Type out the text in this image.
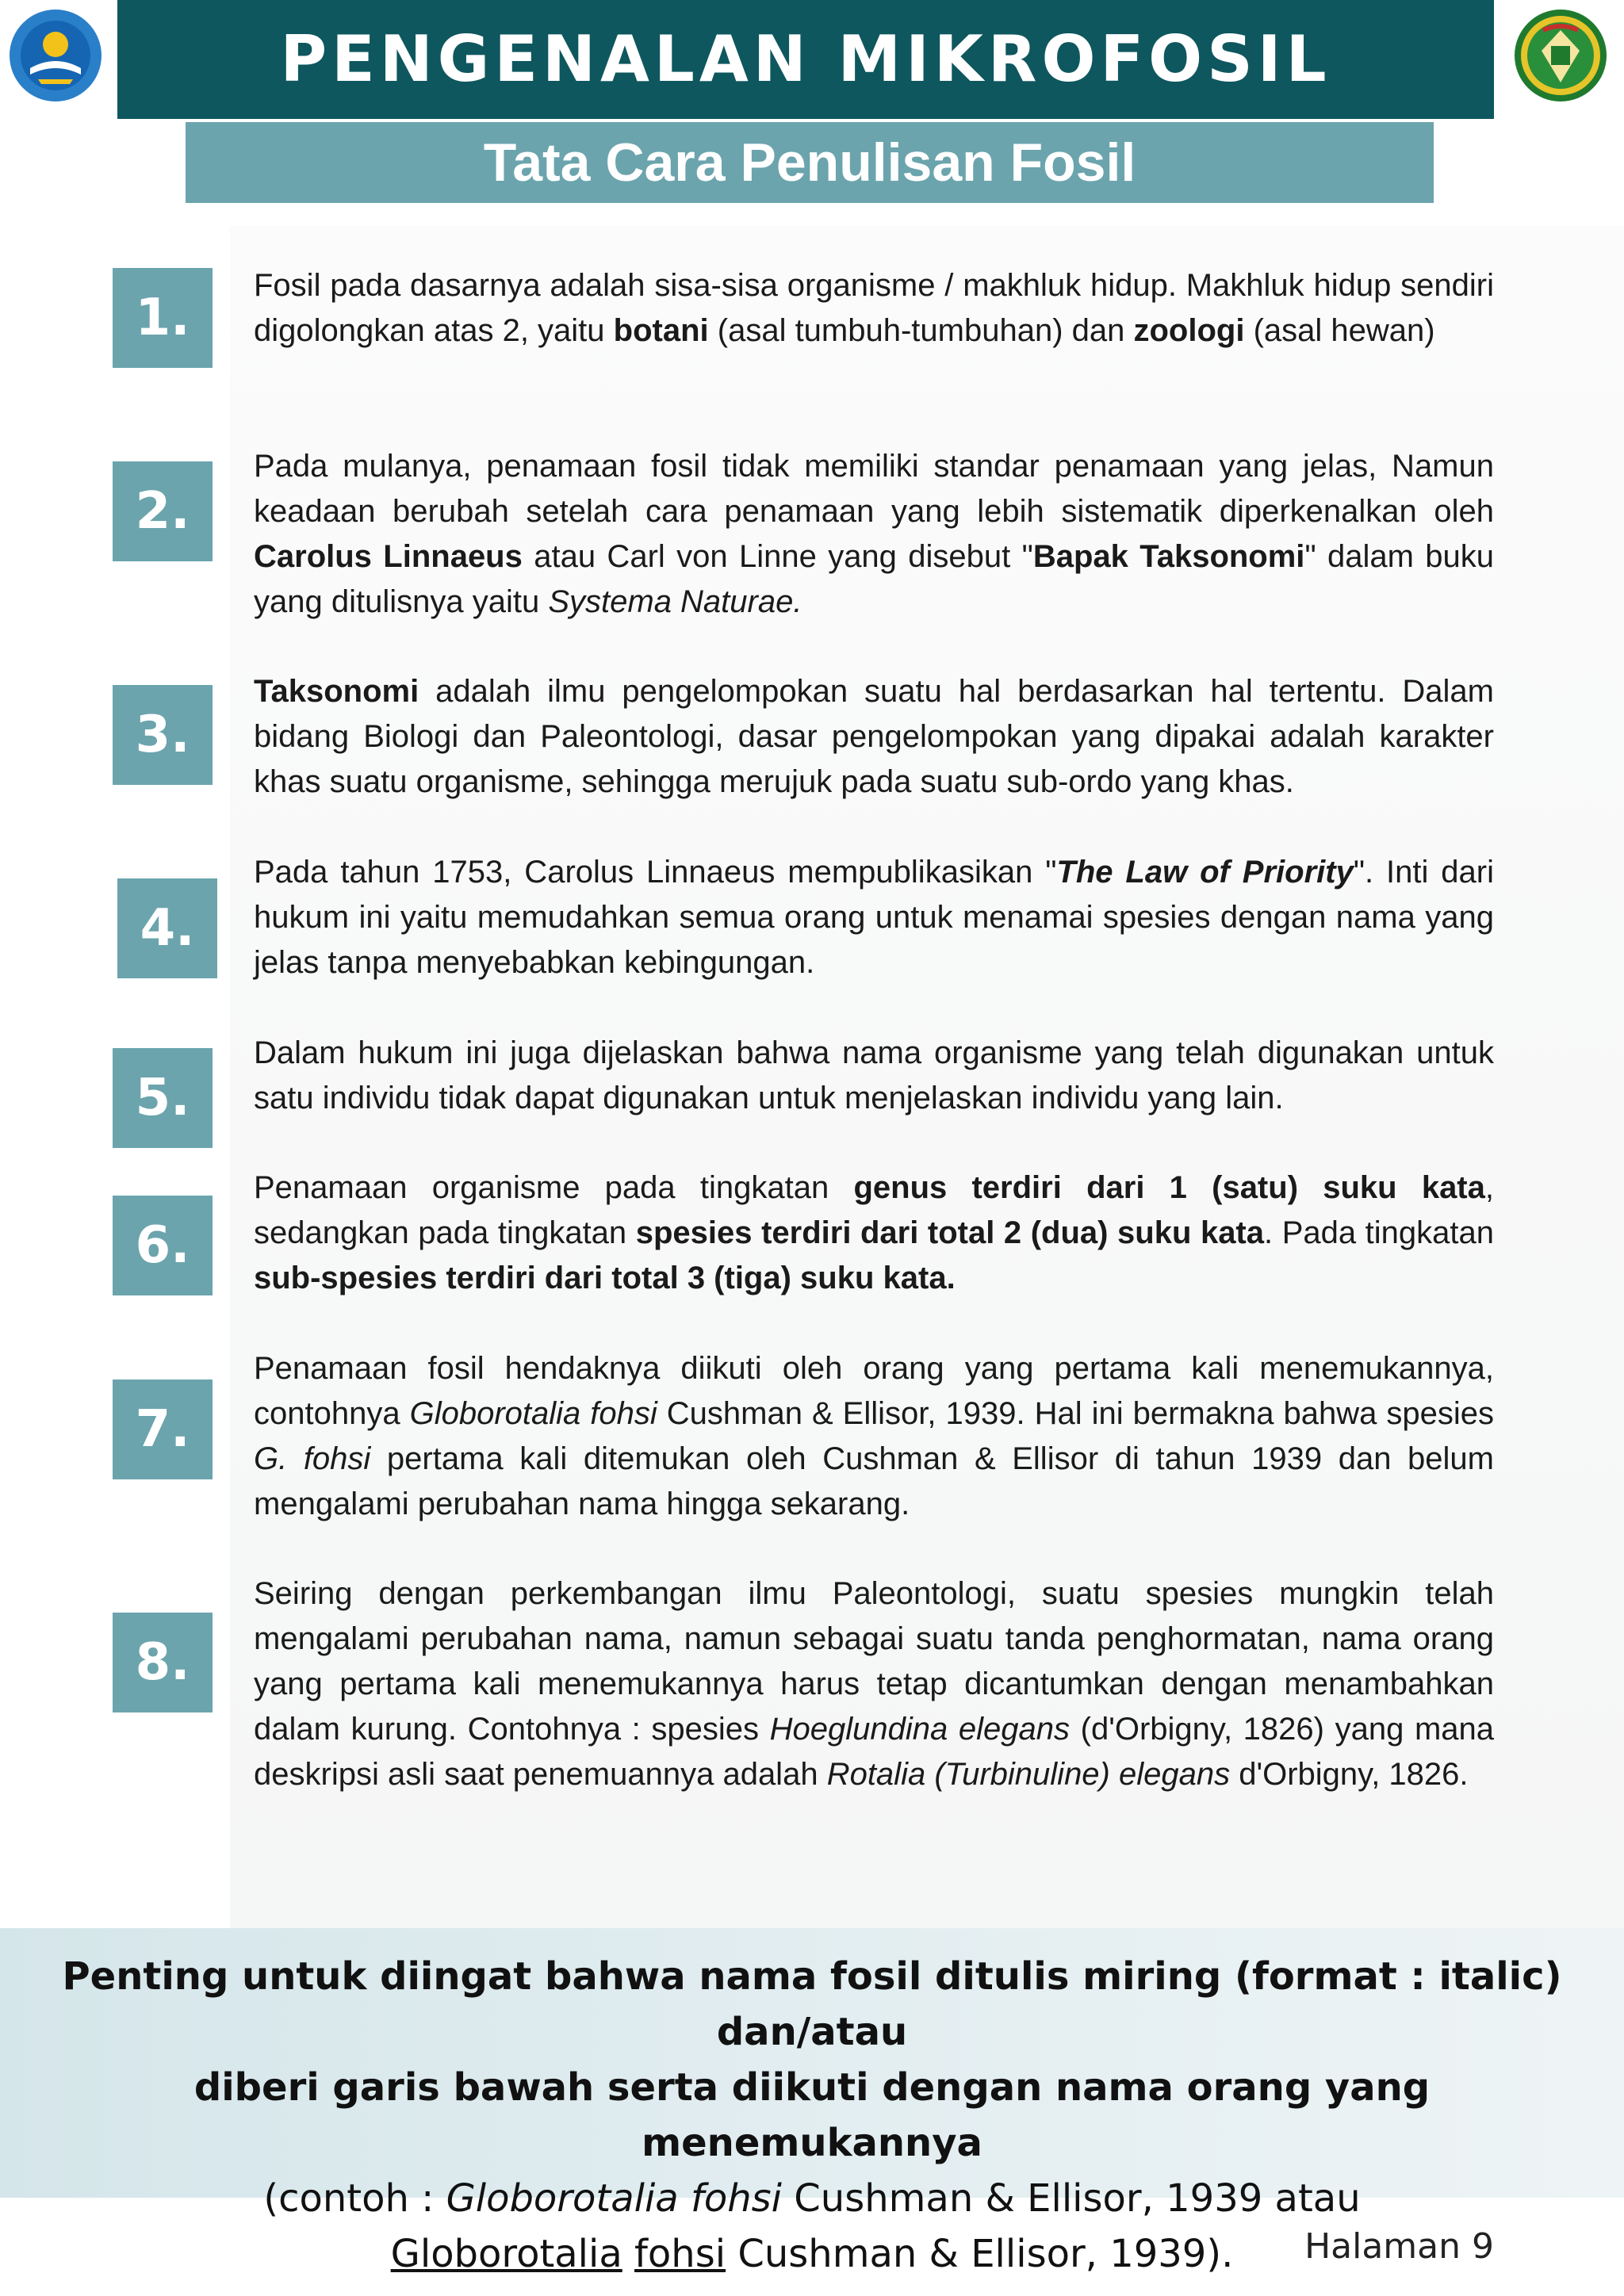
PENGENALAN MIKROFOSIL
Tata Cara Penulisan Fosil
1.
Fosil pada dasarnya adalah sisa-sisa organisme / makhluk hidup. Makhluk hidup sendiri digolongkan atas 2, yaitu botani (asal tumbuh-tumbuhan) dan zoologi (asal hewan)
2.
Pada mulanya, penamaan fosil tidak memiliki standar penamaan yang jelas, Namun keadaan berubah setelah cara penamaan yang lebih sistematik diperkenalkan oleh Carolus Linnaeus atau Carl von Linne yang disebut "Bapak Taksonomi" dalam buku yang ditulisnya yaitu Systema Naturae.
3.
Taksonomi adalah ilmu pengelompokan suatu hal berdasarkan hal tertentu. Dalam bidang Biologi dan Paleontologi, dasar pengelompokan yang dipakai adalah karakter khas suatu organisme, sehingga merujuk pada suatu sub-ordo yang khas.
4.
Pada tahun 1753, Carolus Linnaeus mempublikasikan "The Law of Priority". Inti dari hukum ini yaitu memudahkan semua orang untuk menamai spesies dengan nama yang jelas tanpa menyebabkan kebingungan.
5.
Dalam hukum ini juga dijelaskan bahwa nama organisme yang telah digunakan untuk satu individu tidak dapat digunakan untuk menjelaskan individu yang lain.
6.
Penamaan organisme pada tingkatan genus terdiri dari 1 (satu) suku kata, sedangkan pada tingkatan spesies terdiri dari total 2 (dua) suku kata. Pada tingkatan sub-spesies terdiri dari total 3 (tiga) suku kata.
7.
Penamaan fosil hendaknya diikuti oleh orang yang pertama kali menemukannya, contohnya Globorotalia fohsi Cushman & Ellisor, 1939. Hal ini bermakna bahwa spesies G. fohsi pertama kali ditemukan oleh Cushman & Ellisor di tahun 1939 dan belum mengalami perubahan nama hingga sekarang.
8.
Seiring dengan perkembangan ilmu Paleontologi, suatu spesies mungkin telah mengalami perubahan nama, namun sebagai suatu tanda penghormatan, nama orang yang pertama kali menemukannya harus tetap dicantumkan dengan menambahkan dalam kurung. Contohnya : spesies Hoeglundina elegans (d'Orbigny, 1826) yang mana deskripsi asli saat penemuannya adalah Rotalia (Turbinuline) elegans d'Orbigny, 1826.
Penting untuk diingat bahwa nama fosil ditulis miring (format : italic) dan/atau
diberi garis bawah serta diikuti dengan nama orang yang menemukannya
(contoh : Globorotalia fohsi Cushman & Ellisor, 1939 atau
Globorotalia fohsi Cushman & Ellisor, 1939).	Halaman 9
